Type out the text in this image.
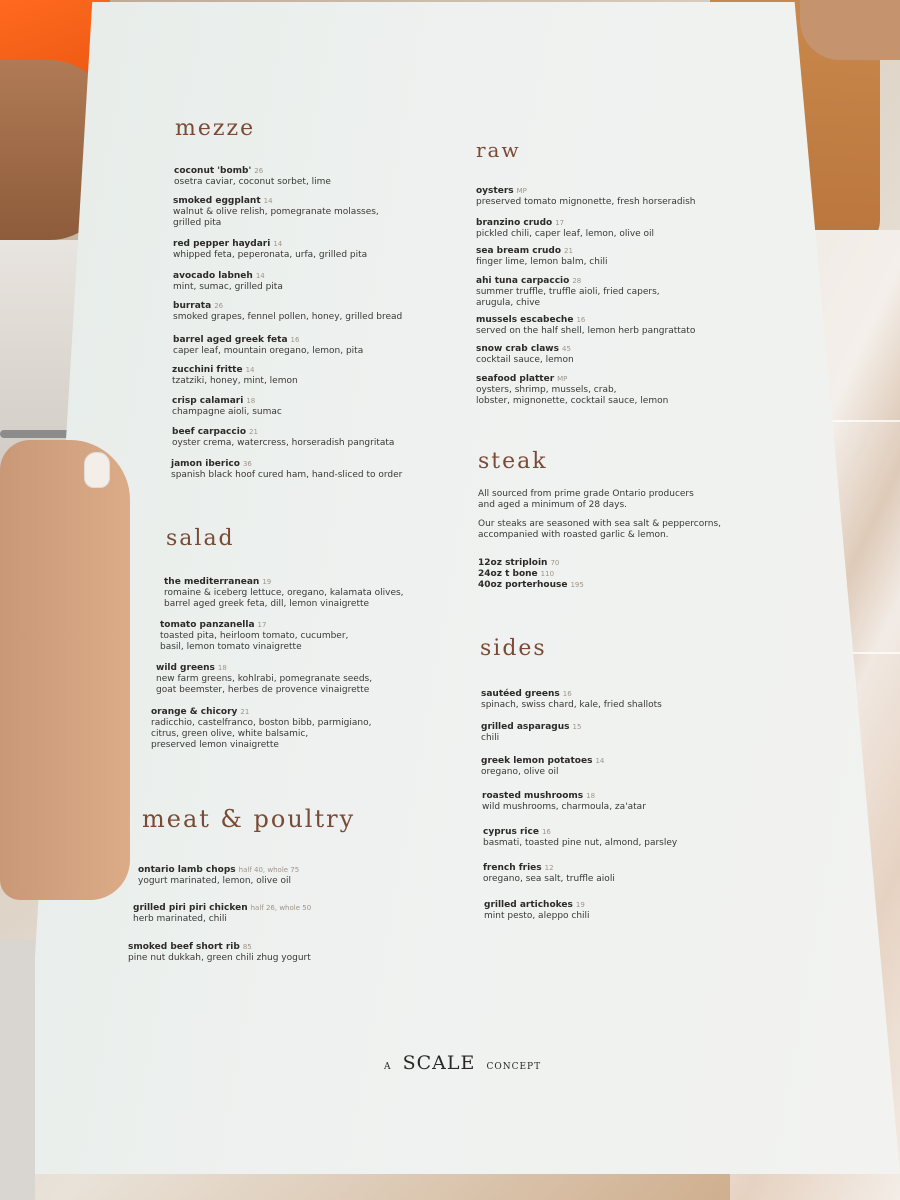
mezze
coconut 'bomb' 26
osetra caviar, coconut sorbet, lime
smoked eggplant 14
walnut & olive relish, pomegranate molasses,
grilled pita
red pepper haydari 14
whipped feta, peperonata, urfa, grilled pita
avocado labneh 14
mint, sumac, grilled pita
burrata 26
smoked grapes, fennel pollen, honey, grilled bread
barrel aged greek feta 16
caper leaf, mountain oregano, lemon, pita
zucchini fritte 14
tzatziki, honey, mint, lemon
crisp calamari 18
champagne aioli, sumac
beef carpaccio 21
oyster crema, watercress, horseradish pangritata
jamon iberico 36
spanish black hoof cured ham, hand-sliced to order
salad
the mediterranean 19
romaine & iceberg lettuce, oregano, kalamata olives,
barrel aged greek feta, dill, lemon vinaigrette
tomato panzanella 17
toasted pita, heirloom tomato, cucumber,
basil, lemon tomato vinaigrette
wild greens 18
new farm greens, kohlrabi, pomegranate seeds,
goat beemster, herbes de provence vinaigrette
orange & chicory 21
radicchio, castelfranco, boston bibb, parmigiano,
citrus, green olive, white balsamic,
preserved lemon vinaigrette
meat & poultry
ontario lamb chops half 40, whole 75
yogurt marinated, lemon, olive oil
grilled piri piri chicken half 26, whole 50
herb marinated, chili
smoked beef short rib 85
pine nut dukkah, green chili zhug yogurt
raw
oysters MP
preserved tomato mignonette, fresh horseradish
branzino crudo 17
pickled chili, caper leaf, lemon, olive oil
sea bream crudo 21
finger lime, lemon balm, chili
ahi tuna carpaccio 28
summer truffle, truffle aioli, fried capers,
arugula, chive
mussels escabeche 16
served on the half shell, lemon herb pangrattato
snow crab claws 45
cocktail sauce, lemon
seafood platter MP
oysters, shrimp, mussels, crab,
lobster, mignonette, cocktail sauce, lemon
steak
All sourced from prime grade Ontario producers
and aged a minimum of 28 days.
Our steaks are seasoned with sea salt & peppercorns,
accompanied with roasted garlic & lemon.
12oz striploin 70
24oz t bone 110
40oz porterhouse 195
sides
sautéed greens 16
spinach, swiss chard, kale, fried shallots
grilled asparagus 15
chili
greek lemon potatoes 14
oregano, olive oil
roasted mushrooms 18
wild mushrooms, charmoula, za'atar
cyprus rice 16
basmati, toasted pine nut, almond, parsley
french fries 12
oregano, sea salt, truffle aioli
grilled artichokes 19
mint pesto, aleppo chili
A SCALE CONCEPT
